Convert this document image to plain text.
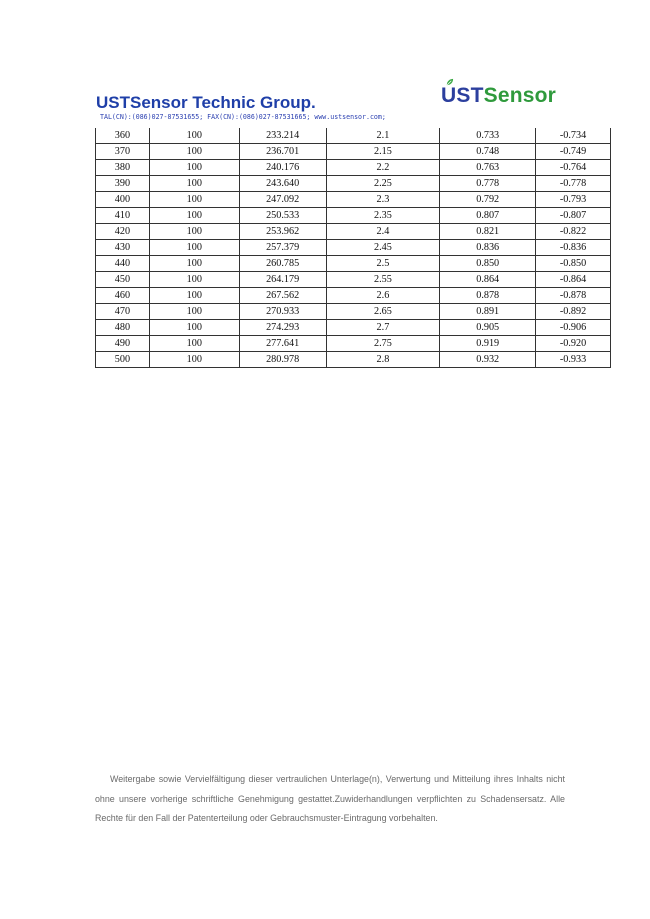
USTSensor Technic Group.
TAL(CN):(086)027-87531655; FAX(CN):(086)027-87531665; www.ustsensor.com;
USTSensor
360	100	233.214	2.1	0.733	-0.734
370	100	236.701	2.15	0.748	-0.749
380	100	240.176	2.2	0.763	-0.764
390	100	243.640	2.25	0.778	-0.778
400	100	247.092	2.3	0.792	-0.793
410	100	250.533	2.35	0.807	-0.807
420	100	253.962	2.4	0.821	-0.822
430	100	257.379	2.45	0.836	-0.836
440	100	260.785	2.5	0.850	-0.850
450	100	264.179	2.55	0.864	-0.864
460	100	267.562	2.6	0.878	-0.878
470	100	270.933	2.65	0.891	-0.892
480	100	274.293	2.7	0.905	-0.906
490	100	277.641	2.75	0.919	-0.920
500	100	280.978	2.8	0.932	-0.933
Weitergabe sowie Vervielfältigung dieser vertraulichen Unterlage(n), Verwertung und Mitteilung ihres Inhalts nicht ohne unsere vorherige schriftliche Genehmigung gestattet.Zuwiderhandlungen verpflichten zu Schadensersatz. Alle Rechte für den Fall der Patenterteilung oder Gebrauchsmuster-Eintragung vorbehalten.
